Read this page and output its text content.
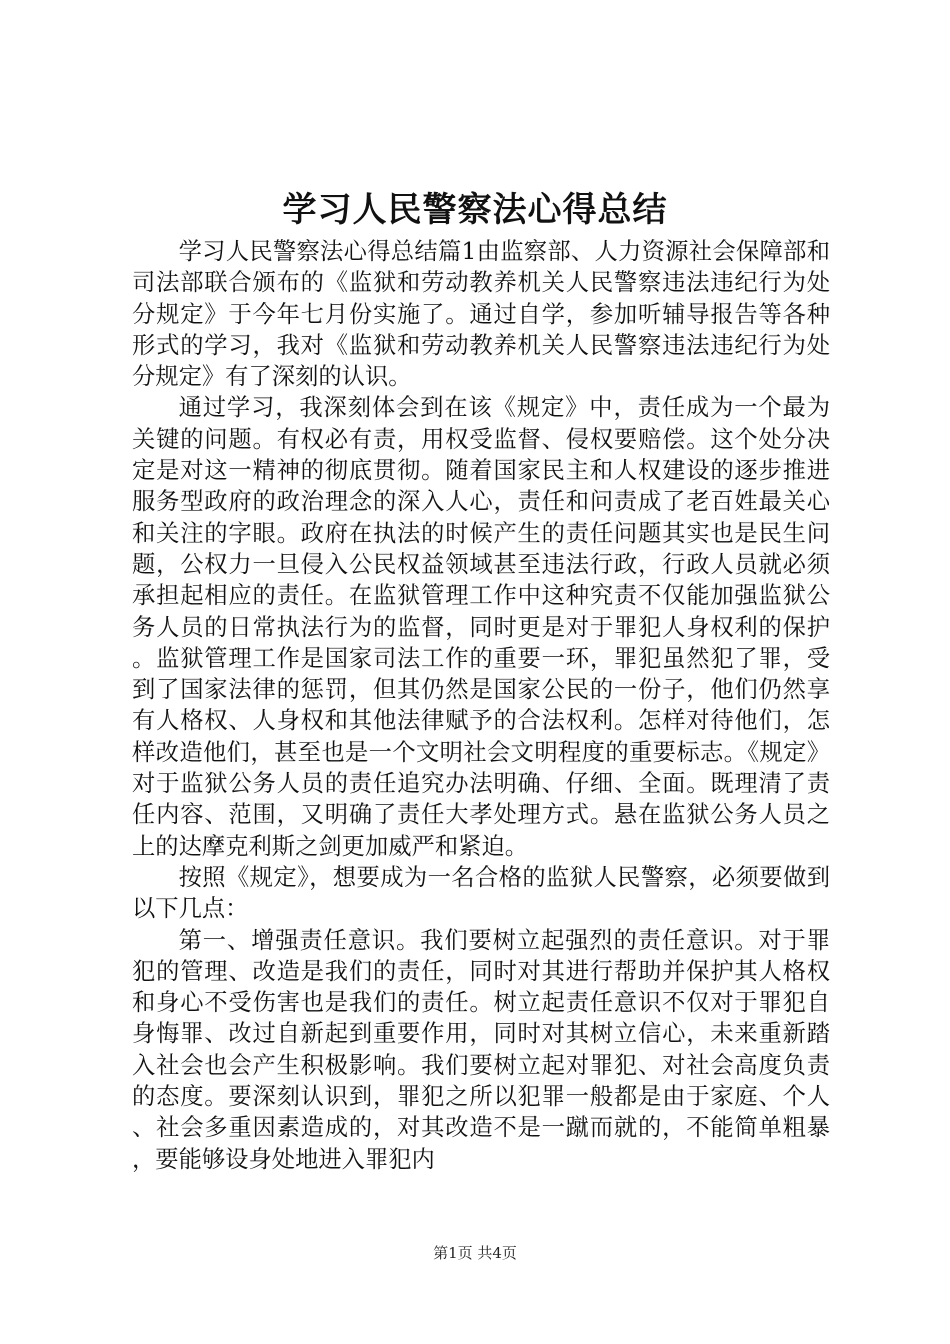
学习人民警察法心得总结

学习人民警察法心得总结篇1由监察部、人力资源社会保障部和司法部联合颁布的《监狱和劳动教养机关人民警察违法违纪行为处分规定》于今年七月份实施了。通过自学，参加听辅导报告等各种形式的学习，我对《监狱和劳动教养机关人民警察违法违纪行为处分规定》有了深刻的认识。

通过学习，我深刻体会到在该《规定》中，责任成为一个最为关键的问题。有权必有责，用权受监督、侵权要赔偿。这个处分决定是对这一精神的彻底贯彻。随着国家民主和人权建设的逐步推进服务型政府的政治理念的深入人心，责任和问责成了老百姓最关心和关注的字眼。政府在执法的时候产生的责任问题其实也是民生问题，公权力一旦侵入公民权益领域甚至违法行政，行政人员就必须承担起相应的责任。在监狱管理工作中这种究责不仅能加强监狱公务人员的日常执法行为的监督，同时更是对于罪犯人身权利的保护。监狱管理工作是国家司法工作的重要一环，罪犯虽然犯了罪，受到了国家法律的惩罚，但其仍然是国家公民的一份子，他们仍然享有人格权、人身权和其他法律赋予的合法权利。怎样对待他们，怎样改造他们，甚至也是一个文明社会文明程度的重要标志。《规定》对于监狱公务人员的责任追究办法明确、仔细、全面。既理清了责任内容、范围，又明确了责任大孝处理方式。悬在监狱公务人员之上的达摩克利斯之剑更加威严和紧迫。

按照《规定》，想要成为一名合格的监狱人民警察，必须要做到以下几点：

第一、增强责任意识。我们要树立起强烈的责任意识。对于罪犯的管理、改造是我们的责任，同时对其进行帮助并保护其人格权和身心不受伤害也是我们的责任。树立起责任意识不仅对于罪犯自身悔罪、改过自新起到重要作用，同时对其树立信心，未来重新踏入社会也会产生积极影响。我们要树立起对罪犯、对社会高度负责的态度。要深刻认识到，罪犯之所以犯罪一般都是由于家庭、个人、社会多重因素造成的，对其改造不是一蹴而就的，不能简单粗暴，要能够设身处地进入罪犯内

第1页 共4页
